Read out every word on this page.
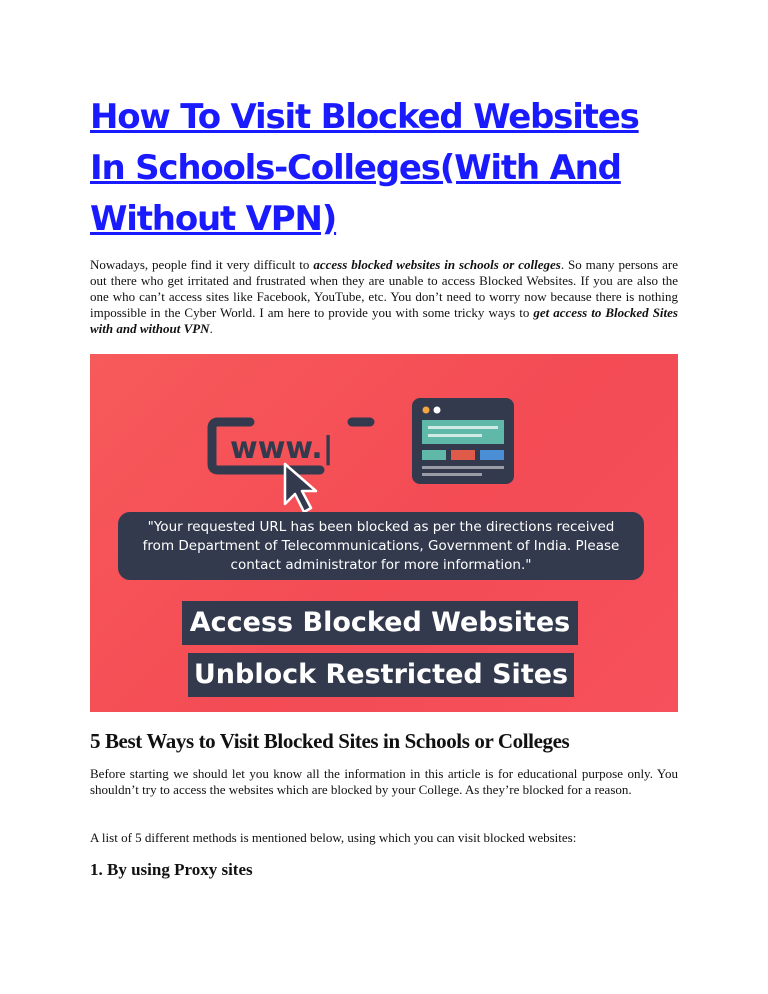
How To Visit Blocked Websites In Schools-Colleges(With And Without VPN)

Nowadays, people find it very difficult to access blocked websites in schools or colleges. So many persons are out there who get irritated and frustrated when they are unable to access Blocked Websites. If you are also the one who can’t access sites like Facebook, YouTube, etc. You don’t need to worry now because there is nothing impossible in the Cyber World. I am here to provide you with some tricky ways to get access to Blocked Sites with and without VPN.

www.|
"Your requested URL has been blocked as per the directions received from Department of Telecommunications, Government of India. Please contact administrator for more information."
Access Blocked Websites
Unblock Restricted Sites
5 Best Ways to Visit Blocked Sites in Schools or Colleges

Before starting we should let you know all the information in this article is for educational purpose only. You shouldn’t try to access the websites which are blocked by your College. As they’re blocked for a reason.

A list of 5 different methods is mentioned below, using which you can visit blocked websites:

1. By using Proxy sites
